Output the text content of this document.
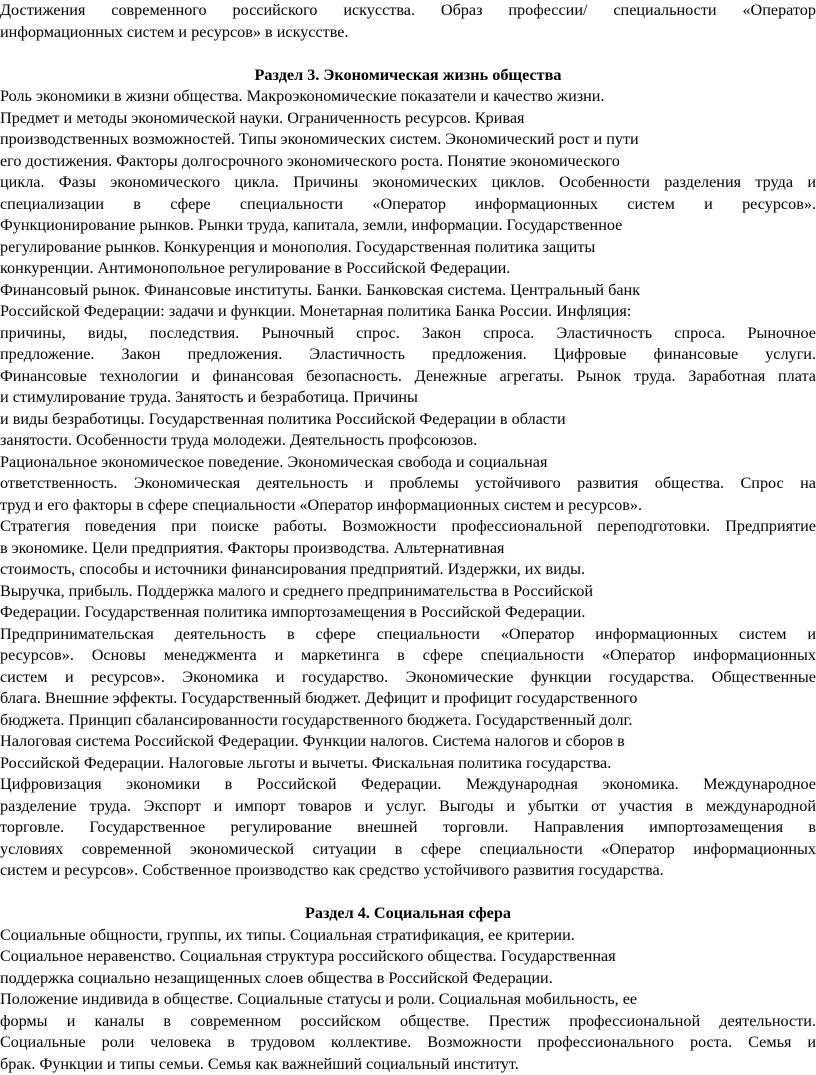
Достижения современного российского искусства. Образ профессии/ специальности «Оператор
информационных систем и ресурсов» в искусстве.
Раздел 3. Экономическая жизнь общества
Роль экономики в жизни общества. Макроэкономические показатели и качество жизни.
Предмет и методы экономической науки. Ограниченность ресурсов. Кривая
производственных возможностей. Типы экономических систем. Экономический рост и пути
его достижения. Факторы долгосрочного экономического роста. Понятие экономического
цикла. Фазы экономического цикла. Причины экономических циклов. Особенности разделения труда и
специализации в сфере специальности «Оператор информационных систем и ресурсов».
Функционирование рынков. Рынки труда, капитала, земли, информации. Государственное
регулирование рынков. Конкуренция и монополия. Государственная политика защиты
конкуренции. Антимонопольное регулирование в Российской Федерации.
Финансовый рынок. Финансовые институты. Банки. Банковская система. Центральный банк
Российской Федерации: задачи и функции. Монетарная политика Банка России. Инфляция:
причины, виды, последствия. Рыночный спрос. Закон спроса. Эластичность спроса. Рыночное
предложение. Закон предложения. Эластичность предложения. Цифровые финансовые услуги.
Финансовые технологии и финансовая безопасность. Денежные агрегаты. Рынок труда. Заработная плата
и стимулирование труда. Занятость и безработица. Причины
и виды безработицы. Государственная политика Российской Федерации в области
занятости. Особенности труда молодежи. Деятельность профсоюзов.
Рациональное экономическое поведение. Экономическая свобода и социальная
ответственность. Экономическая деятельность и проблемы устойчивого развития общества. Спрос на
труд и его факторы в сфере специальности «Оператор информационных систем и ресурсов».
Стратегия поведения при поиске работы. Возможности профессиональной переподготовки. Предприятие
в экономике. Цели предприятия. Факторы производства. Альтернативная
стоимость, способы и источники финансирования предприятий. Издержки, их виды.
Выручка, прибыль. Поддержка малого и среднего предпринимательства в Российской
Федерации. Государственная политика импортозамещения в Российской Федерации.
Предпринимательская деятельность в сфере специальности «Оператор информационных систем и
ресурсов». Основы менеджмента и маркетинга в сфере специальности «Оператор информационных
систем и ресурсов». Экономика и государство. Экономические функции государства. Общественные
блага. Внешние эффекты. Государственный бюджет. Дефицит и профицит государственного
бюджета. Принцип сбалансированности государственного бюджета. Государственный долг.
Налоговая система Российской Федерации. Функции налогов. Система налогов и сборов в
Российской Федерации. Налоговые льготы и вычеты. Фискальная политика государства.
Цифровизация экономики в Российской Федерации. Международная экономика. Международное
разделение труда. Экспорт и импорт товаров и услуг. Выгоды и убытки от участия в международной
торговле. Государственное регулирование внешней торговли. Направления импортозамещения в
условиях современной экономической ситуации в сфере специальности «Оператор информационных
систем и ресурсов». Собственное производство как средство устойчивого развития государства.
Раздел 4. Социальная сфера
Социальные общности, группы, их типы. Социальная стратификация, ее критерии.
Социальное неравенство. Социальная структура российского общества. Государственная
поддержка социально незащищенных слоев общества в Российской Федерации.
Положение индивида в обществе. Социальные статусы и роли. Социальная мобильность, ее
формы и каналы в современном российском обществе. Престиж профессиональной деятельности.
Социальные роли человека в трудовом коллективе. Возможности профессионального роста. Семья и
брак. Функции и типы семьи. Семья как важнейший социальный институт.
